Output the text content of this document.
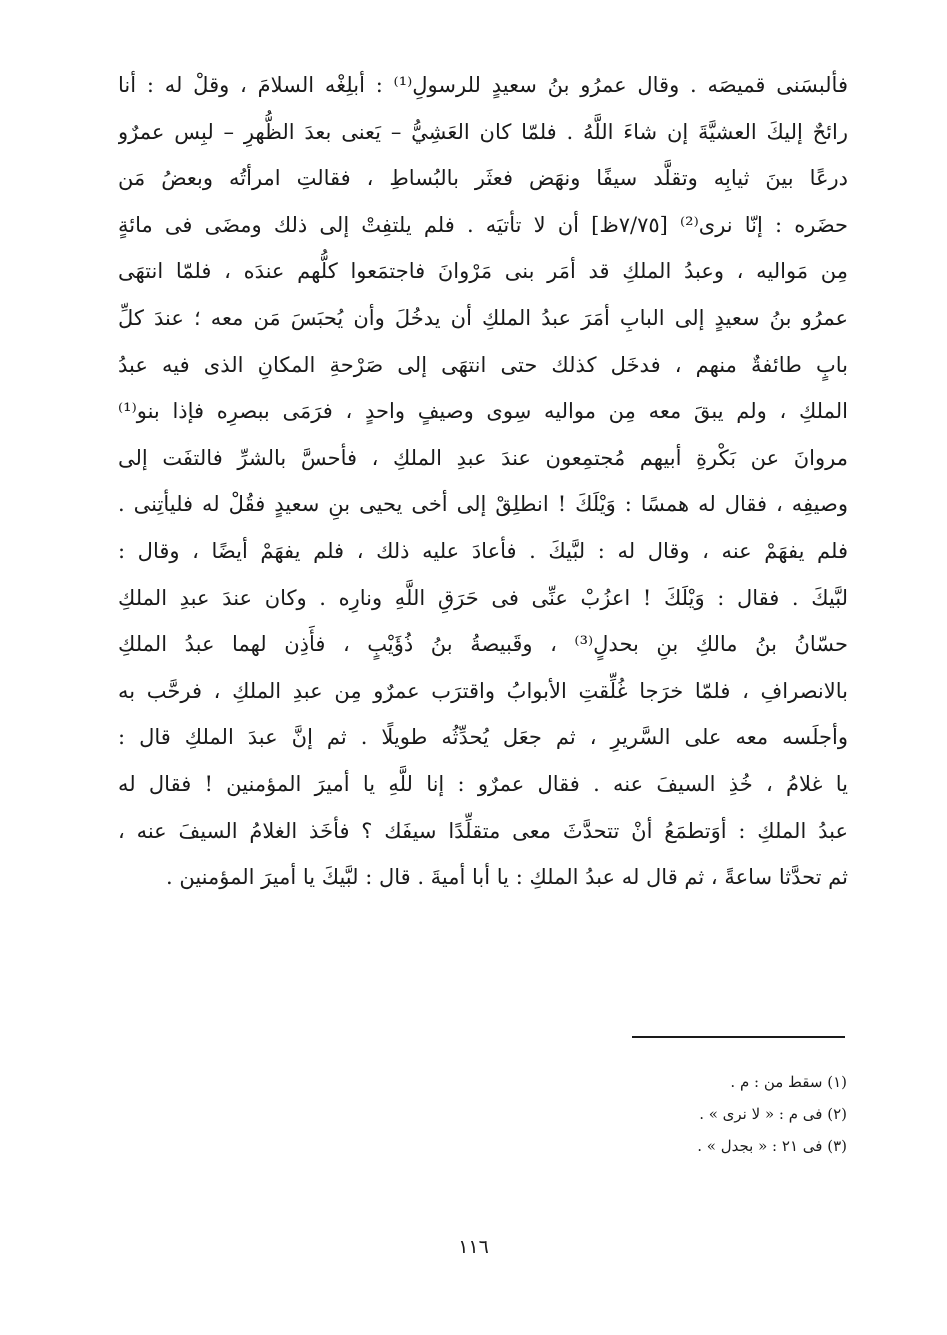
فألبسَنى قميصَه . وقال عمرُو بنُ سعيدٍ للرسولِ⁽¹⁾ : أبلِغْه السلامَ ، وقلْ له : أنا
رائحٌ إليكَ العشيَّةَ إن شاءَ اللَّهُ . فلمّا كان العَشِيُّ – يَعنى بعدَ الظُّهرِ – لبِس عمرٌو
درعًا بينَ ثيابِه وتقلَّد سيفًا ونهَض فعثَر بالبُساطِ ، فقالتِ امرأتُه وبعضُ مَن
حضَره : إنّا نرى⁽²⁾ [٧/٧٥ظ] أن لا تأتيَه . فلم يلتفِتْ إلى ذلك ومضَى فى مائةٍ
مِن مَواليه ، وعبدُ الملكِ قد أمَر بنى مَرْوانَ فاجتمَعوا كلُّهم عندَه ، فلمّا انتهَى
عمرُو بنُ سعيدٍ إلى البابِ أمَرَ عبدُ الملكِ أن يدخُلَ وأن يُحبَسَ مَن معه ؛ عندَ كلِّ
بابٍ طائفةٌ منهم ، فدخَل كذلك حتى انتهَى إلى صَرْحةِ المكانِ الذى فيه عبدُ
الملكِ ، ولم يبقَ معه مِن مواليه سِوى وصيفٍ واحدٍ ، فرَمَى ببصرِه فإذا بنو⁽¹⁾
مروانَ عن بَكْرةِ أبيهم مُجتمِعون عندَ عبدِ الملكِ ، فأحسَّ بالشرِّ فالتفَت إلى
وصيفِه ، فقال له همسًا : وَيْلَكَ ! انطلِقْ إلى أخى يحيى بنِ سعيدٍ فقُلْ له فليأتِنى .
فلم يفهَمْ عنه ، وقال له : لبَّيكَ . فأعادَ عليه ذلك ، فلم يفهَمْ أيضًا ، وقال :
لبَّيكَ . فقال : وَيْلَكَ ! اعزُبْ عنِّى فى حَرَقِ اللَّهِ ونارِه . وكان عندَ عبدِ الملكِ
حسّانُ بنُ مالكِ بنِ بحدلٍ⁽³⁾ ، وقَبيصةُ بنُ ذُؤَيْبٍ ، فأَذِن لهما عبدُ الملكِ
بالانصرافِ ، فلمّا خرَجا غُلِّقتِ الأبوابُ واقترَب عمرٌو مِن عبدِ الملكِ ، فرحَّب به
وأجلَسه معه على السَّريرِ ، ثم جعَل يُحدِّثُه طويلًا . ثم إنَّ عبدَ الملكِ قال :
يا غلامُ ، خُذِ السيفَ عنه . فقال عمرٌو : إنا للَّهِ يا أميرَ المؤمنين ! فقال له
عبدُ الملكِ : أوَتطمَعُ أنْ تتحدَّثَ معى متقلِّدًا سيفَك ؟ فأخَذ الغلامُ السيفَ عنه ،
ثم تحدَّثا ساعةً ، ثم قال له عبدُ الملكِ : يا أبا أميةَ . قال : لبَّيكَ يا أميرَ المؤمنين .
(١) سقط من : م .
(٢) فى م : « لا نرى » .
(٣) فى ٢١ : « بجدل » .
١١٦
